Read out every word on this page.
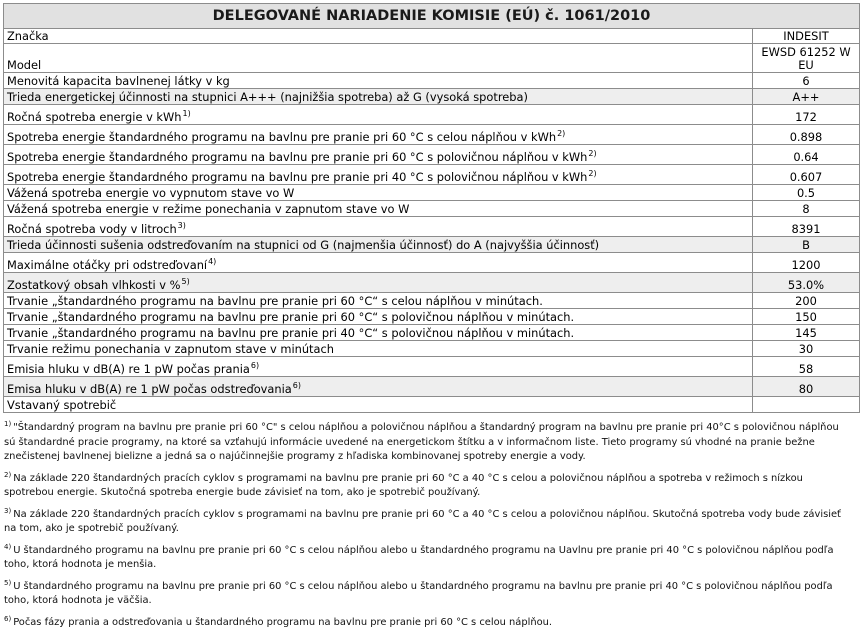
DELEGOVANÉ NARIADENIE KOMISIE (EÚ) č. 1061/2010	
Značka	INDESIT
Model	EWSD 61252 W EU
Menovitá kapacita bavlnenej látky v kg	6
Trieda energetickej účinnosti na stupnici A+++ (najnižšia spotreba) až G (vysoká spotreba)	A++
Ročná spotreba energie v kWh$^{1)}$	172
Spotreba energie štandardného programu na bavlnu pre pranie pri 60 °C s celou náplňou v kWh$^{2)}$	0.898
Spotreba energie štandardného programu na bavlnu pre pranie pri 60 °C s polovičnou náplňou v kWh$^{2)}$	0.64
Spotreba energie štandardného programu na bavlnu pre pranie pri 40 °C s polovičnou náplňou v kWh$^{2)}$	0.607
Vážená spotreba energie vo vypnutom stave vo W	0.5
Vážená spotreba energie v režime ponechania v zapnutom stave vo W	8
Ročná spotreba vody v litroch$^{3)}$	8391
Trieda účinnosti sušenia odstreďovaním na stupnici od G (najmenšia účinnosť) do A (najvyššia účinnosť)	B
Maximálne otáčky pri odstreďovaní$^{4)}$	1200
Zostatkový obsah vlhkosti v %$^{5)}$	53.0%
Trvanie „štandardného programu na bavlnu pre pranie pri 60 °C“ s celou náplňou v minútach.	200
Trvanie „štandardného programu na bavlnu pre pranie pri 60 °C“ s polovičnou náplňou v minútach.	150
Trvanie „štandardného programu na bavlnu pre pranie pri 40 °C“ s polovičnou náplňou v minútach.	145
Trvanie režimu ponechania v zapnutom stave v minútach	30
Emisia hluku v dB(A) re 1 pW počas prania$^{6)}$	58
Emisa hluku v dB(A) re 1 pW počas odstreďovania$^{6)}$	80
Vstavaný spotrebič	

$^{1)}$ "Štandardný program na bavlnu pre pranie pri 60 °C" s celou náplňou a polovičnou náplňou a štandardný program na bavlnu pre pranie pri 40°C s polovičnou náplňou sú štandardné pracie programy, na ktoré sa vzťahujú informácie uvedené na energetickom štítku a v informačnom liste. Tieto programy sú vhodné na pranie bežne znečistenej bavlnenej bielizne a jedná sa o najúčinnejšie programy z hľadiska kombinovanej spotreby energie a vody.

$^{2)}$ Na základe 220 štandardných pracích cyklov s programami na bavlnu pre pranie pri 60 °C a 40 °C s celou a polovičnou náplňou a spotreba v režimoch s nízkou spotrebou energie. Skutočná spotreba energie bude závisieť na tom, ako je spotrebič používaný.

$^{3)}$ Na základe 220 štandardných pracích cyklov s programami na bavlnu pre pranie pri 60 °C a 40 °C s celou a polovičnou náplňou. Skutočná spotreba vody bude závisieť na tom, ako je spotrebič používaný.

$^{4)}$ U štandardného programu na bavlnu pre pranie pri 60 °C s celou náplňou alebo u štandardného programu na Uavlnu pre pranie pri 40 °C s polovičnou náplňou podľa toho, ktorá hodnota je menšia.

$^{5)}$ U štandardného programu na bavlnu pre pranie pri 60 °C s celou náplňou alebo u štandardného programu na bavlnu pre pranie pri 40 °C s polovičnou náplňou podľa toho, ktorá hodnota je väčšia.

$^{6)}$ Počas fázy prania a odstreďovania u štandardného programu na bavlnu pre pranie pri 60 °C s celou náplňou.
